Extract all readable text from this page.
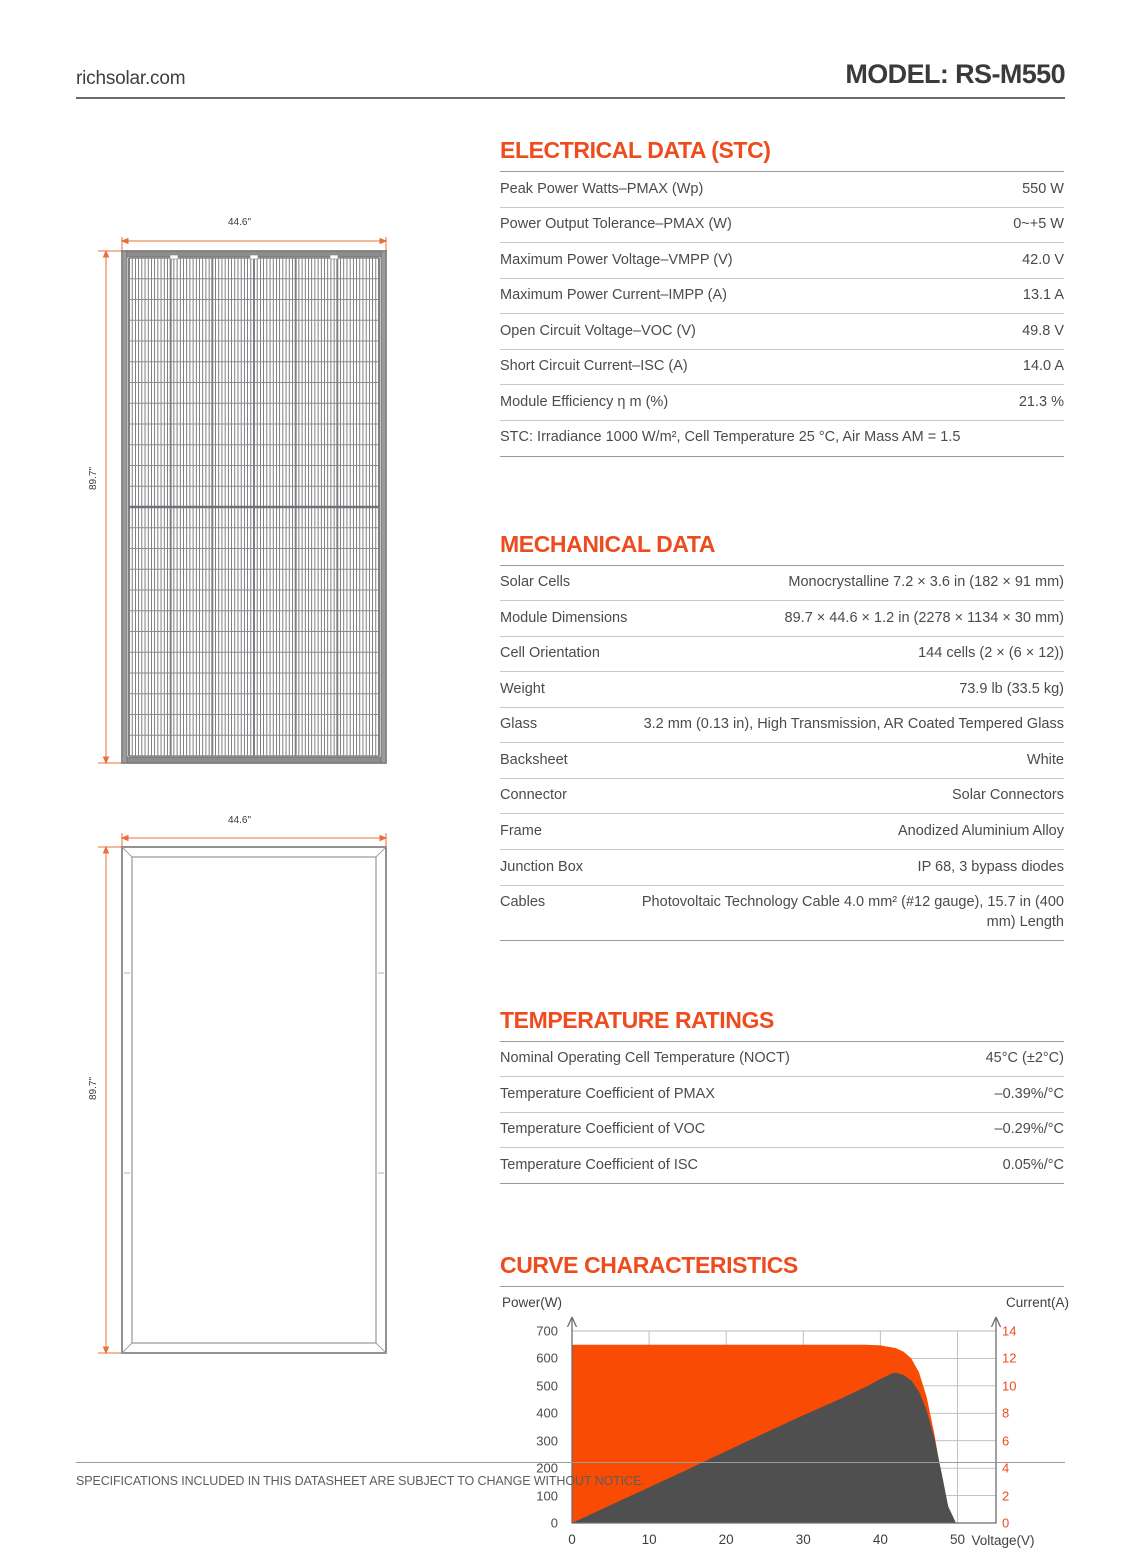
richsolar.com	MODEL: RS-M550
44.6"
89.7"
44.6"
89.7"
ELECTRICAL DATA (STC)
Peak Power Watts–PMAX (Wp)	550 W
Power Output Tolerance–PMAX (W)	0~+5 W
Maximum Power Voltage–VMPP (V)	42.0 V
Maximum Power Current–IMPP (A)	13.1 A
Open Circuit Voltage–VOC (V)	49.8 V
Short Circuit Current–ISC (A)	14.0 A
Module Efficiency η m (%)	21.3 %
STC: Irradiance 1000 W/m², Cell Temperature 25 °C, Air Mass AM = 1.5	
MECHANICAL DATA
Solar Cells	Monocrystalline 7.2 × 3.6 in (182 × 91 mm)
Module Dimensions	89.7 × 44.6 × 1.2 in (2278 × 1134 × 30 mm)
Cell Orientation	144 cells (2 × (6 × 12))
Weight	73.9 lb (33.5 kg)
Glass	3.2 mm (0.13 in), High Transmission, AR Coated Tempered Glass
Backsheet	White
Connector	Solar Connectors
Frame	Anodized Aluminium Alloy
Junction Box	IP 68, 3 bypass diodes
Cables	Photovoltaic Technology Cable 4.0 mm² (#12 gauge), 15.7 in (400 mm) Length
TEMPERATURE RATINGS
Nominal Operating Cell Temperature (NOCT)	45°C (±2°C)
Temperature Coefficient of PMAX	–0.39%/°C
Temperature Coefficient of VOC	–0.29%/°C
Temperature Coefficient of ISC	0.05%/°C
CURVE CHARACTERISTICS
Power(W)	Current(A)
0
100
200
300
400
500
600
700
0
2
4
6
8
10
12
14
0	10	20	30	40	50 Voltage(V)
SPECIFICATIONS INCLUDED IN THIS DATASHEET ARE SUBJECT TO CHANGE WITHOUT NOTICE.
